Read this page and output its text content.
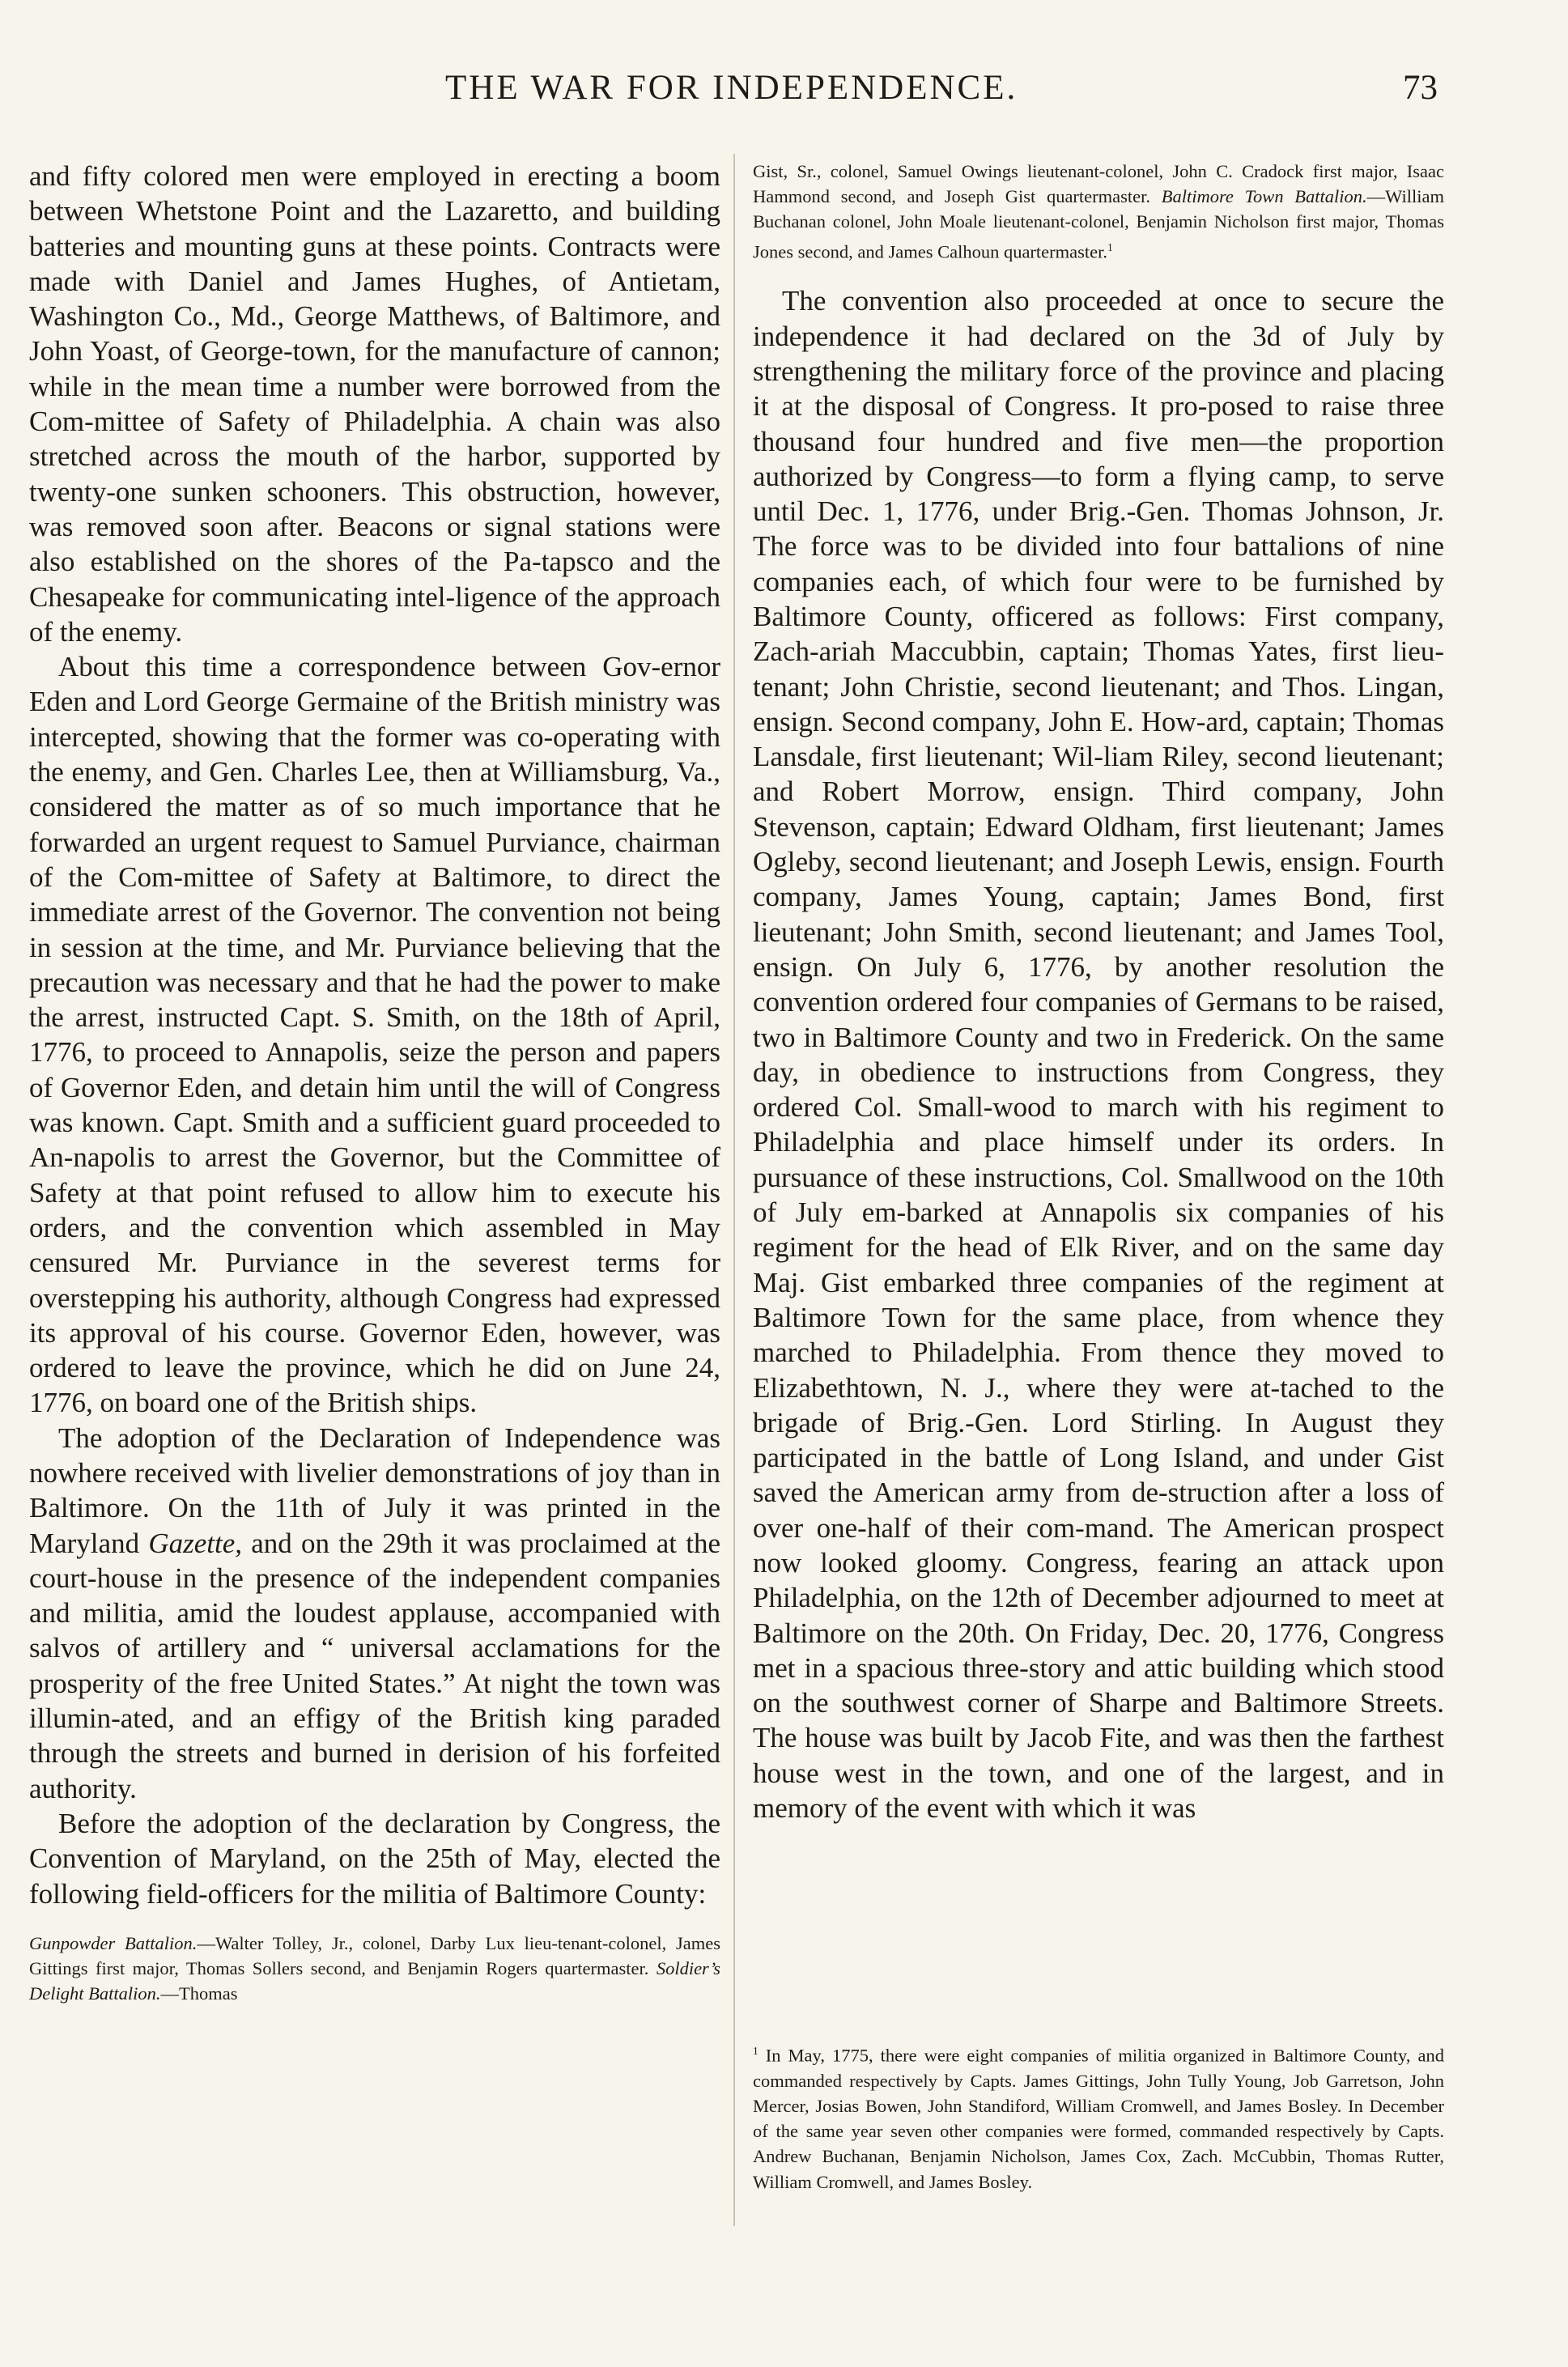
THE WAR FOR INDEPENDENCE.	73

and fifty colored men were employed in erecting a boom between Whetstone Point and the Lazaretto, and building batteries and mounting guns at these points. Contracts were made with Daniel and James Hughes, of Antietam, Washington Co., Md., George Matthews, of Baltimore, and John Yoast, of George-town, for the manufacture of cannon; while in the mean time a number were borrowed from the Com-mittee of Safety of Philadelphia. A chain was also stretched across the mouth of the harbor, supported by twenty-one sunken schooners. This obstruction, however, was removed soon after. Beacons or signal stations were also established on the shores of the Pa-tapsco and the Chesapeake for communicating intel-ligence of the approach of the enemy.

About this time a correspondence between Gov-ernor Eden and Lord George Germaine of the British ministry was intercepted, showing that the former was co-operating with the enemy, and Gen. Charles Lee, then at Williamsburg, Va., considered the matter as of so much importance that he forwarded an urgent request to Samuel Purviance, chairman of the Com-mittee of Safety at Baltimore, to direct the immediate arrest of the Governor. The convention not being in session at the time, and Mr. Purviance believing that the precaution was necessary and that he had the power to make the arrest, instructed Capt. S. Smith, on the 18th of April, 1776, to proceed to Annapolis, seize the person and papers of Governor Eden, and detain him until the will of Congress was known. Capt. Smith and a sufficient guard proceeded to An-napolis to arrest the Governor, but the Committee of Safety at that point refused to allow him to execute his orders, and the convention which assembled in May censured Mr. Purviance in the severest terms for overstepping his authority, although Congress had expressed its approval of his course. Governor Eden, however, was ordered to leave the province, which he did on June 24, 1776, on board one of the British ships.

The adoption of the Declaration of Independence was nowhere received with livelier demonstrations of joy than in Baltimore. On the 11th of July it was printed in the Maryland Gazette, and on the 29th it was proclaimed at the court-house in the presence of the independent companies and militia, amid the loudest applause, accompanied with salvos of artillery and “ universal acclamations for the prosperity of the free United States.” At night the town was illumin-ated, and an effigy of the British king paraded through the streets and burned in derision of his forfeited authority.

Before the adoption of the declaration by Congress, the Convention of Maryland, on the 25th of May, elected the following field-officers for the militia of Baltimore County:

Gunpowder Battalion.—Walter Tolley, Jr., colonel, Darby Lux lieu-tenant-colonel, James Gittings first major, Thomas Sollers second, and Benjamin Rogers quartermaster. Soldier’s Delight Battalion.—Thomas

Gist, Sr., colonel, Samuel Owings lieutenant-colonel, John C. Cradock first major, Isaac Hammond second, and Joseph Gist quartermaster. Baltimore Town Battalion.—William Buchanan colonel, John Moale lieutenant-colonel, Benjamin Nicholson first major, Thomas Jones second, and James Calhoun quartermaster.$^1$

The convention also proceeded at once to secure the independence it had declared on the 3d of July by strengthening the military force of the province and placing it at the disposal of Congress. It pro-posed to raise three thousand four hundred and five men—the proportion authorized by Congress—to form a flying camp, to serve until Dec. 1, 1776, under Brig.-Gen. Thomas Johnson, Jr. The force was to be divided into four battalions of nine companies each, of which four were to be furnished by Baltimore County, officered as follows: First company, Zach-ariah Maccubbin, captain; Thomas Yates, first lieu-tenant; John Christie, second lieutenant; and Thos. Lingan, ensign. Second company, John E. How-ard, captain; Thomas Lansdale, first lieutenant; Wil-liam Riley, second lieutenant; and Robert Morrow, ensign. Third company, John Stevenson, captain; Edward Oldham, first lieutenant; James Ogleby, second lieutenant; and Joseph Lewis, ensign. Fourth company, James Young, captain; James Bond, first lieutenant; John Smith, second lieutenant; and James Tool, ensign. On July 6, 1776, by another resolution the convention ordered four companies of Germans to be raised, two in Baltimore County and two in Frederick. On the same day, in obedience to instructions from Congress, they ordered Col. Small-wood to march with his regiment to Philadelphia and place himself under its orders. In pursuance of these instructions, Col. Smallwood on the 10th of July em-barked at Annapolis six companies of his regiment for the head of Elk River, and on the same day Maj. Gist embarked three companies of the regiment at Baltimore Town for the same place, from whence they marched to Philadelphia. From thence they moved to Elizabethtown, N. J., where they were at-tached to the brigade of Brig.-Gen. Lord Stirling. In August they participated in the battle of Long Island, and under Gist saved the American army from de-struction after a loss of over one-half of their com-mand. The American prospect now looked gloomy. Congress, fearing an attack upon Philadelphia, on the 12th of December adjourned to meet at Baltimore on the 20th. On Friday, Dec. 20, 1776, Congress met in a spacious three-story and attic building which stood on the southwest corner of Sharpe and Baltimore Streets. The house was built by Jacob Fite, and was then the farthest house west in the town, and one of the largest, and in memory of the event with which it was

$^1$ In May, 1775, there were eight companies of militia organized in Baltimore County, and commanded respectively by Capts. James Gittings, John Tully Young, Job Garretson, John Mercer, Josias Bowen, John Standiford, William Cromwell, and James Bosley. In December of the same year seven other companies were formed, commanded respectively by Capts. Andrew Buchanan, Benjamin Nicholson, James Cox, Zach. McCubbin, Thomas Rutter, William Cromwell, and James Bosley.
